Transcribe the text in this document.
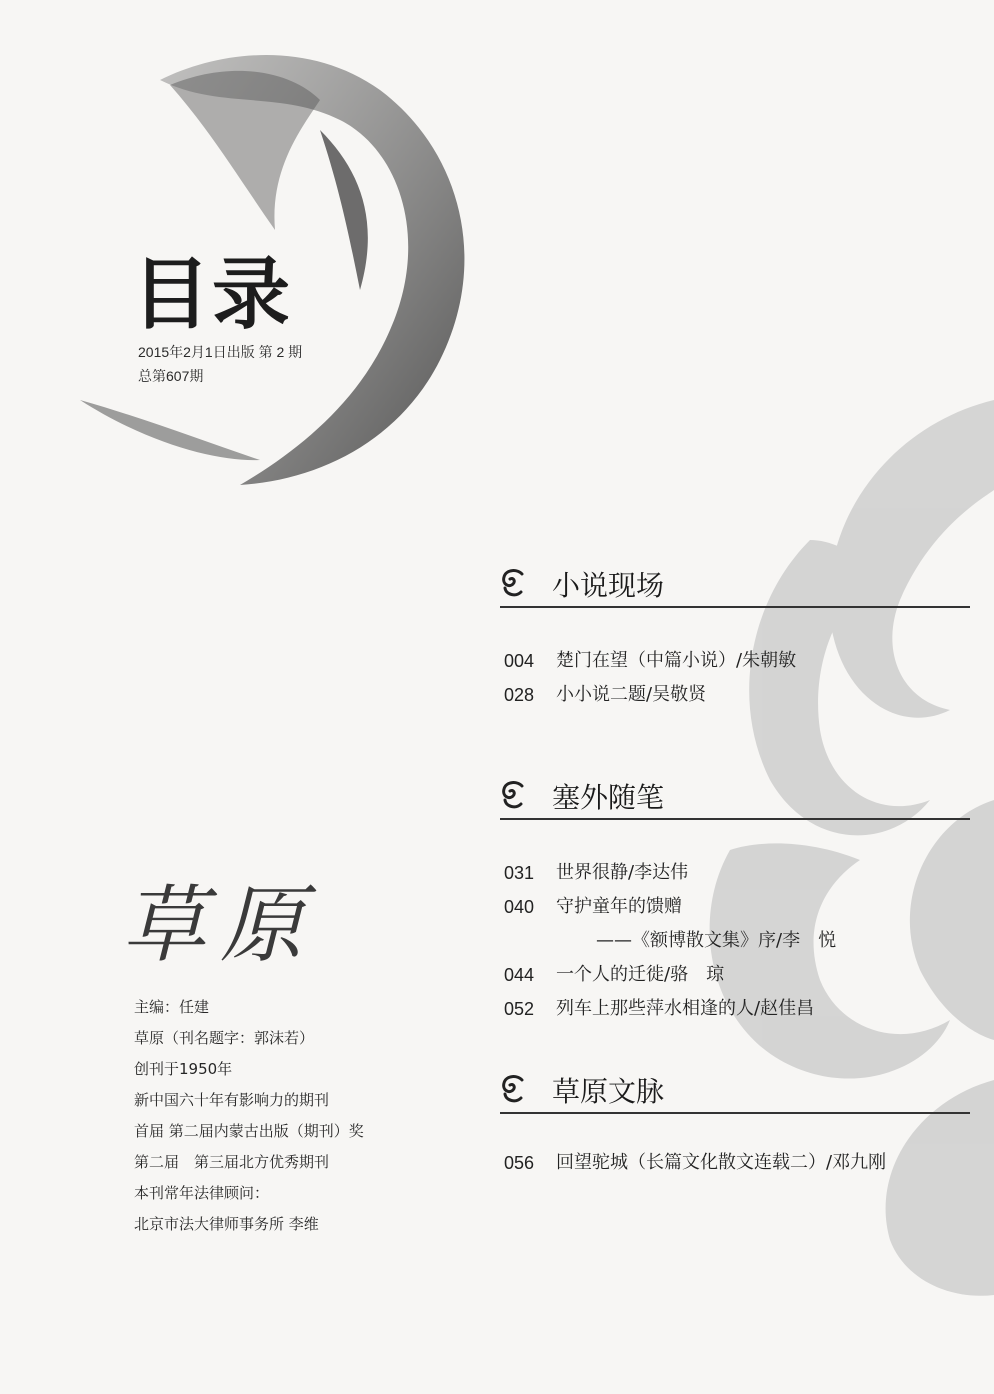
目录
2015年2月1日出版 第 2 期
总第607期
小说现场
004 楚门在望（中篇小说）/朱朝敏
028 小小说二题/吴敬贤
塞外随笔
031 世界很静/李达伟
040 守护童年的馈赠
——《额博散文集》序/李　悦
044 一个人的迁徙/骆　琼
052 列车上那些萍水相逢的人/赵佳昌
草原文脉
056 回望驼城（长篇文化散文连载二）/邓九刚
草原
主编：任建
草原（刊名题字：郭沫若）
创刊于1950年
新中国六十年有影响力的期刊
首届 第二届内蒙古出版（期刊）奖
第二届　第三届北方优秀期刊
本刊常年法律顾问：
北京市法大律师事务所 李维
